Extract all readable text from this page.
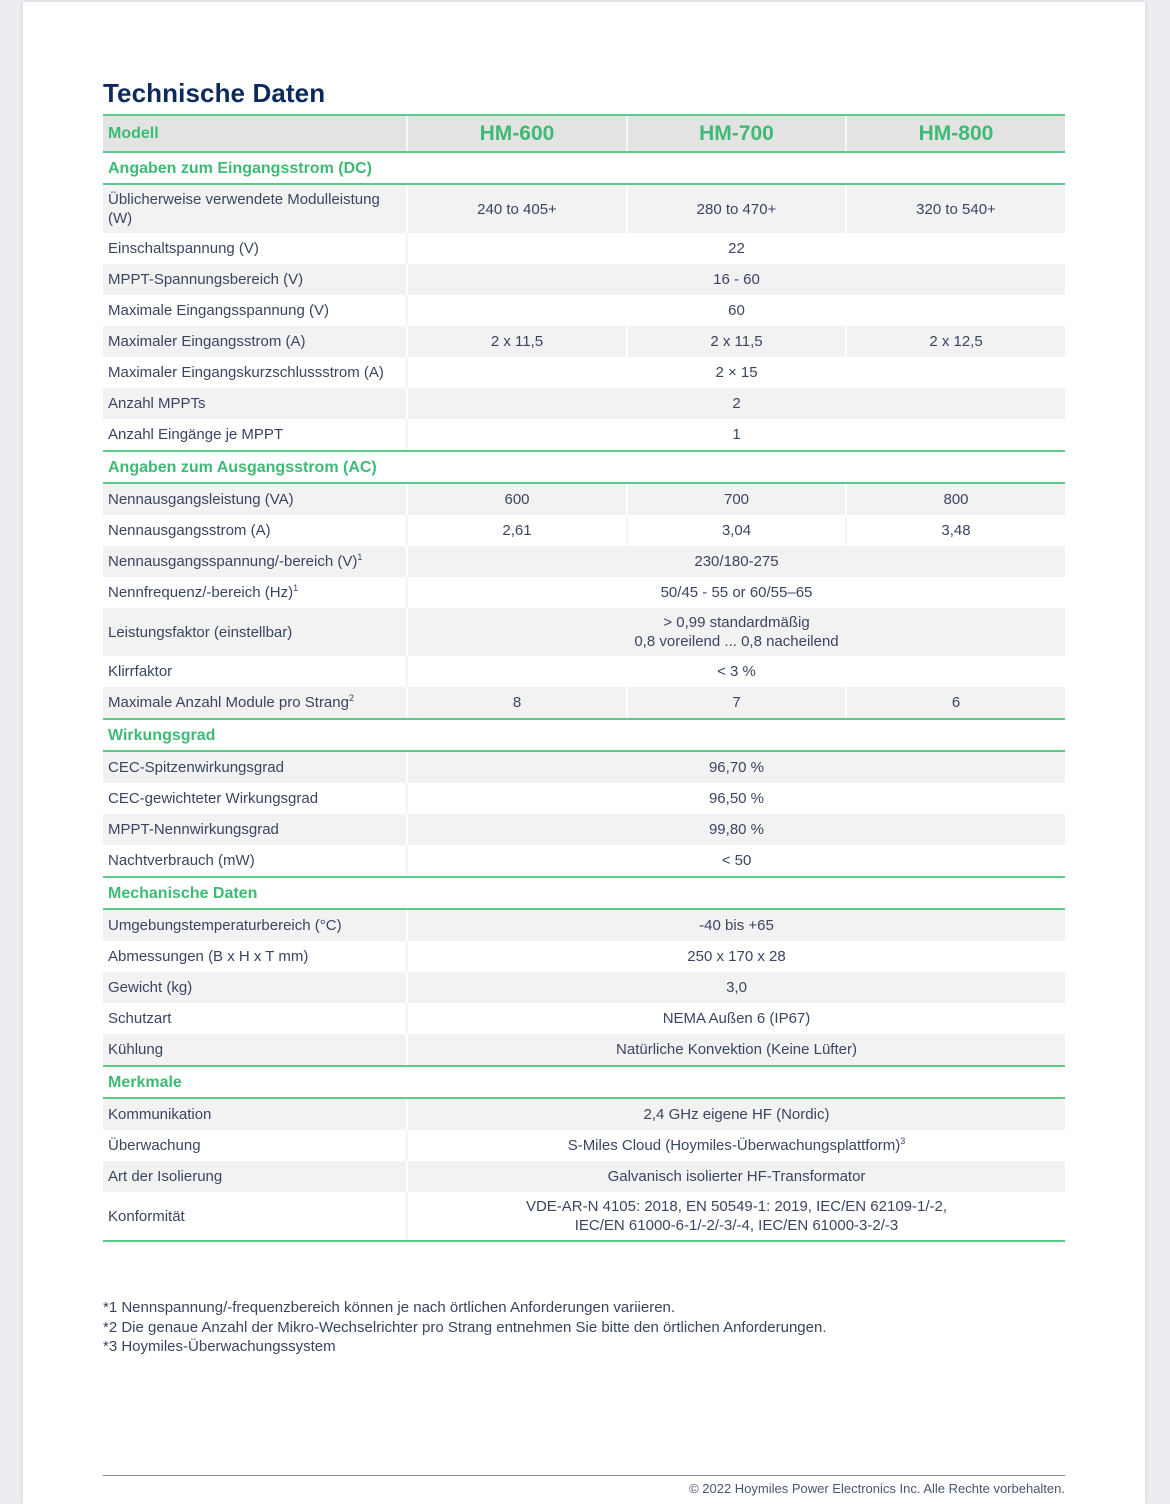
Technische Daten
Modell	HM-600	HM-700	HM-800
Angaben zum Eingangsstrom (DC)			
Üblicherweise verwendete Modulleistung (W)	240 to 405+	280 to 470+	320 to 540+
Einschaltspannung (V)	22		
MPPT-Spannungsbereich (V)	16 - 60		
Maximale Eingangsspannung (V)	60		
Maximaler Eingangsstrom (A)	2 x 11,5	2 x 11,5	2 x 12,5
Maximaler Eingangskurzschlussstrom (A)	2 × 15		
Anzahl MPPTs	2		
Anzahl Eingänge je MPPT	1		
Angaben zum Ausgangsstrom (AC)			
Nennausgangsleistung (VA)	600	700	800
Nennausgangsstrom (A)	2,61	3,04	3,48
Nennausgangsspannung/-bereich $(V)^1$	230/180-275		
Nennfrequenz/-bereich $(Hz)^1$	50/45 - 55 or 60/55–65		
Leistungsfaktor (einstellbar)	> 0,99 standardmäßig
0,8 voreilend ... 0,8 nacheilend		
Klirrfaktor	< 3 %		
Maximale Anzahl Module pro Strang$^2$	8	7	6
Wirkungsgrad			
CEC-Spitzenwirkungsgrad	96,70 %		
CEC-gewichteter Wirkungsgrad	96,50 %		
MPPT-Nennwirkungsgrad	99,80 %		
Nachtverbrauch (mW)	< 50		
Mechanische Daten			
Umgebungstemperaturbereich (°C)	-40 bis +65		
Abmessungen (B x H x T mm)	250 x 170 x 28		
Gewicht (kg)	3,0		
Schutzart	NEMA Außen 6 (IP67)		
Kühlung	Natürliche Konvektion (Keine Lüfter)		
Merkmale			
Kommunikation	2,4 GHz eigene HF (Nordic)		
Überwachung	S-Miles Cloud (Hoymiles-Überwachungsplattform)$^3$
Art der Isolierung	Galvanisch isolierter HF-Transformator		
Konformität	VDE-AR-N 4105: 2018, EN 50549-1: 2019, IEC/EN 62109-1/-2,
IEC/EN 61000-6-1/-2/-3/-4, IEC/EN 61000-3-2/-3		
*1 Nennspannung/-frequenzbereich können je nach örtlichen Anforderungen variieren.
*2 Die genaue Anzahl der Mikro-Wechselrichter pro Strang entnehmen Sie bitte den örtlichen Anforderungen.
*3 Hoymiles-Überwachungssystem
© 2022 Hoymiles Power Electronics Inc. Alle Rechte vorbehalten.
